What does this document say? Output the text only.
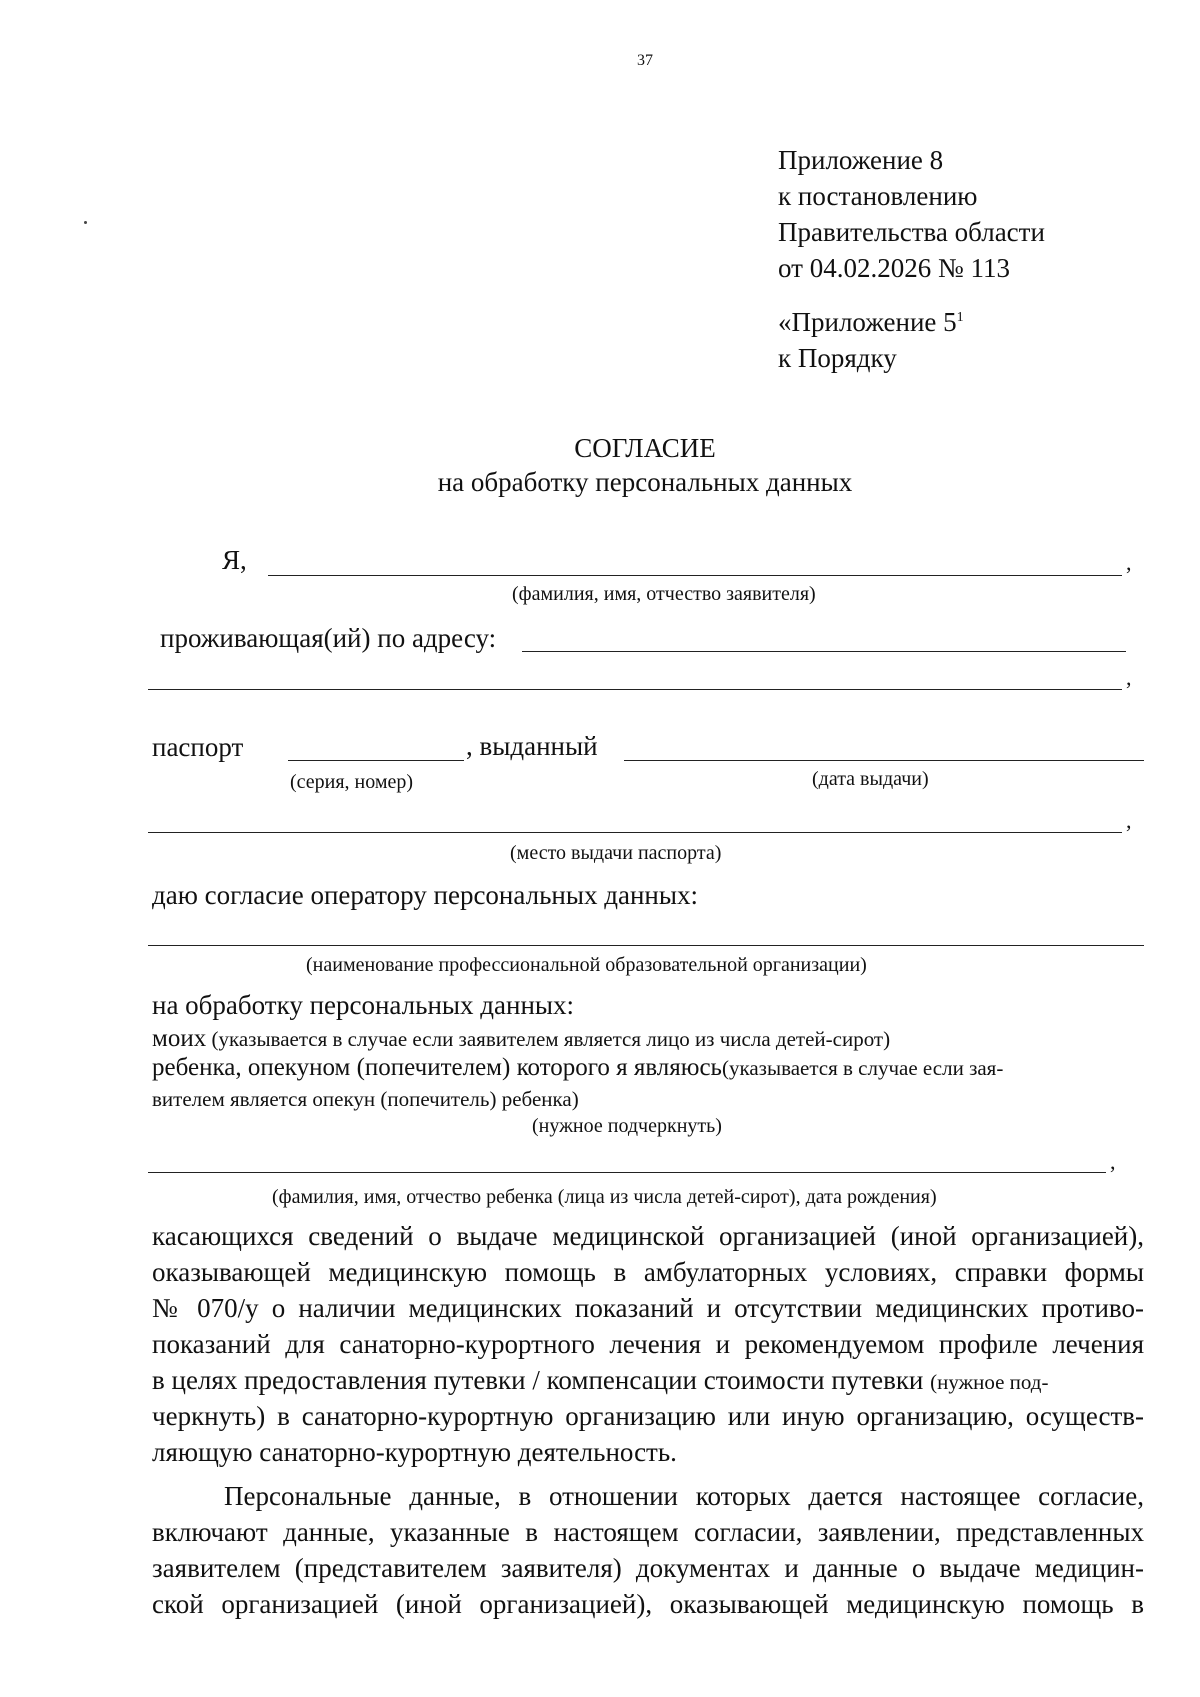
37
Приложение 8
к постановлению
Правительства области
от 04.02.2026 № 113
«Приложение $5^1$
к Порядку
СОГЛАСИЕ
на обработку персональных данных
Я,	,
(фамилия, имя, отчество заявителя)
проживающая(ий) по адресу:
,
паспорт	, выданный
(серия, номер)	(дата выдачи)
,
(место выдачи паспорта)
даю согласие оператору персональных данных:
(наименование профессиональной образовательной организации)
на обработку персональных данных:
моих (указывается в случае если заявителем является лицо из числа детей-сирот)
ребенка, опекуном (попечителем) которого я являюсь(указывается в случае если зая-
вителем является опекун (попечитель) ребенка)
(нужное подчеркнуть)
,
(фамилия, имя, отчество ребенка (лица из числа детей-сирот), дата рождения)
касающихся сведений о выдаче медицинской организацией (иной организацией),
оказывающей медицинскую помощь в амбулаторных условиях, справки формы
№ 070/у о наличии медицинских показаний и отсутствии медицинских противо-
показаний для санаторно-курортного лечения и рекомендуемом профиле лечения
в целях предоставления путевки / компенсации стоимости путевки (нужное под-
черкнуть) в санаторно-курортную организацию или иную организацию, осуществ-
ляющую санаторно-курортную деятельность.
Персональные данные, в отношении которых дается настоящее согласие,
включают данные, указанные в настоящем согласии, заявлении, представленных
заявителем (представителем заявителя) документах и данные о выдаче медицин-
ской организацией (иной организацией), оказывающей медицинскую помощь в
